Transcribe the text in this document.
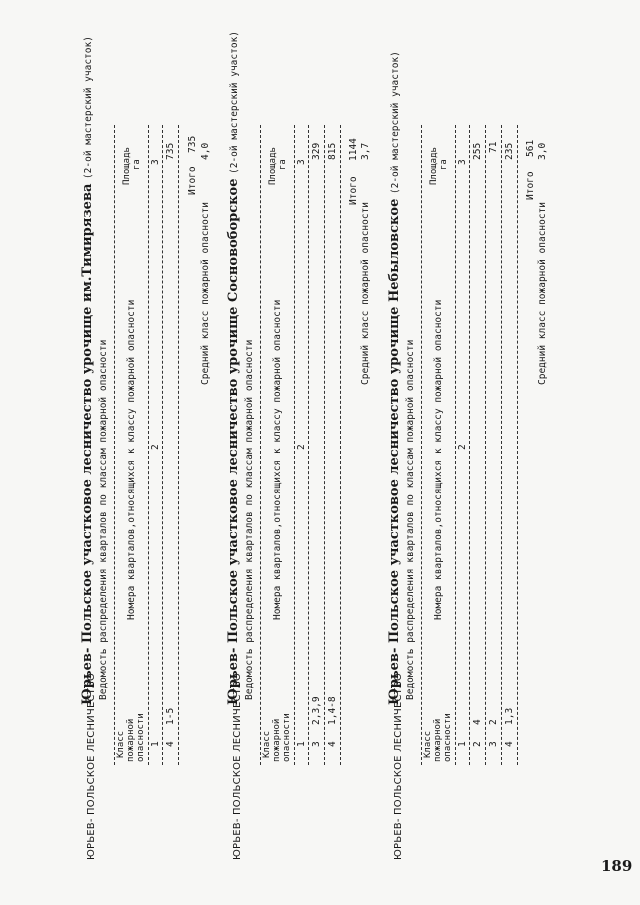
ЮРЬЕВ- ПОЛЬСКОЕ ЛЕСНИЧЕСТВО
Юрьев- Польское участковое лесничество урочище им.Тимирязева (2-ой мастерский участок)
Ведомость распределения кварталов по классам пожарной опасности
Класс пожарной опасности
Номера кварталов,относящихся к классу пожарной опасности
Площадь га
1
2
3
4
1-5
735
Итого
735
Средний класс пожарной опасности
4,0
ЮРЬЕВ- ПОЛЬСКОЕ ЛЕСНИЧЕСТВО
Юрьев- Польское участковое лесничество урочище Сосновоборское (2-ой мастерский участок)
Ведомость распределения кварталов по классам пожарной опасности
Класс пожарной опасности
Номера кварталов,относящихся к классу пожарной опасности
Площадь га
1
2
3
3
2,3,9
329
4
1,4-8
815
Итого
1144
Средний класс пожарной опасности
3,7
ЮРЬЕВ- ПОЛЬСКОЕ ЛЕСНИЧЕСТВО
Юрьев- Польское участковое лесничество урочище Небыловское (2-ой мастерский участок)
Ведомость распределения кварталов по классам пожарной опасности
Класс пожарной опасности
Номера кварталов,относящихся к классу пожарной опасности
Площадь га
1
2
3
2
4
255
3
2
71
4
1,3
235
Итого
561
Средний класс пожарной опасности
3,0
189
